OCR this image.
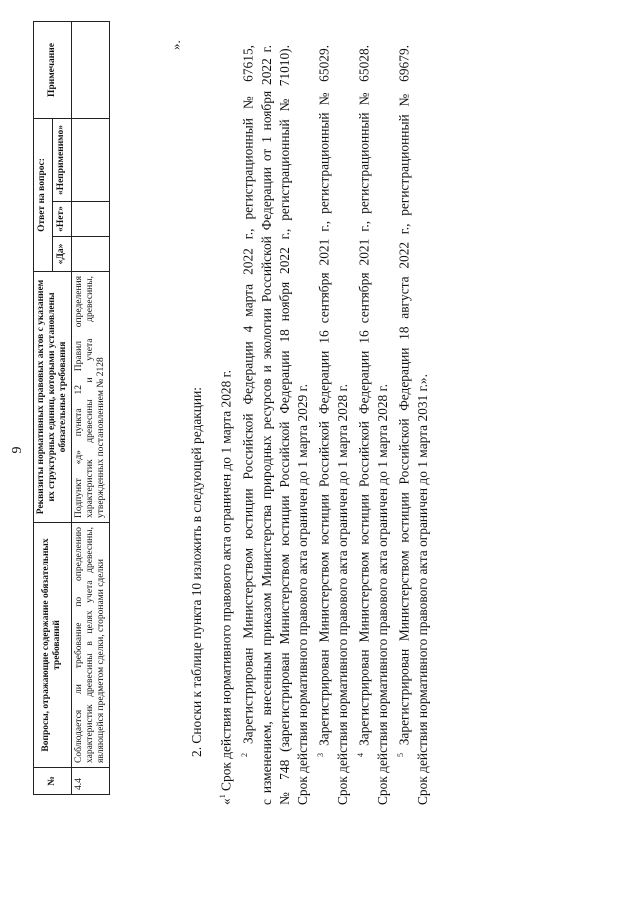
9
№	Вопросы, отражающие содержание обязательных требований	Реквизиты нормативных правовых актов с указанием их структурных единиц, которыми установлены обязательные требования	Ответ на вопрос:			Примечание
			«Да»	«Нет»	«Неприменимо»	
4.4	Соблюдается ли требование по определению характеристик древесины в целях учета древесины, являющейся предметом сделки, сторонами сделки	Подпункт «д» пункта 12 Правил определения характеристик древесины и учета древесины, утвержденных постановлением № 2128				
».

2. Сноски к таблице пункта 10 изложить в следующей редакции:

«$^1$ Срок действия нормативного правового акта ограничен до 1 марта 2028 г. $^2$ Зарегистрирован Министерством юстиции Российской Федерации 4 марта 2022 г., регистрационный № 67615, с изменением, внесенным приказом Министерства природных ресурсов и экологии Российской Федерации от 1 ноября 2022 г. № 748 (зарегистрирован Министерством юстиции Российской Федерации 18 ноября 2022 г., регистрационный № 71010). Срок действия нормативного правового акта ограничен до 1 марта 2029 г. $^3$ Зарегистрирован Министерством юстиции Российской Федерации 16 сентября 2021 г., регистрационный № 65029. Срок действия нормативного правового акта ограничен до 1 марта 2028 г. $^4$ Зарегистрирован Министерством юстиции Российской Федерации 16 сентября 2021 г., регистрационный № 65028. Срок действия нормативного правового акта ограничен до 1 марта 2028 г. $^5$ Зарегистрирован Министерством юстиции Российской Федерации 18 августа 2022 г., регистрационный № 69679. Срок действия нормативного правового акта ограничен до 1 марта 2031 г.».
